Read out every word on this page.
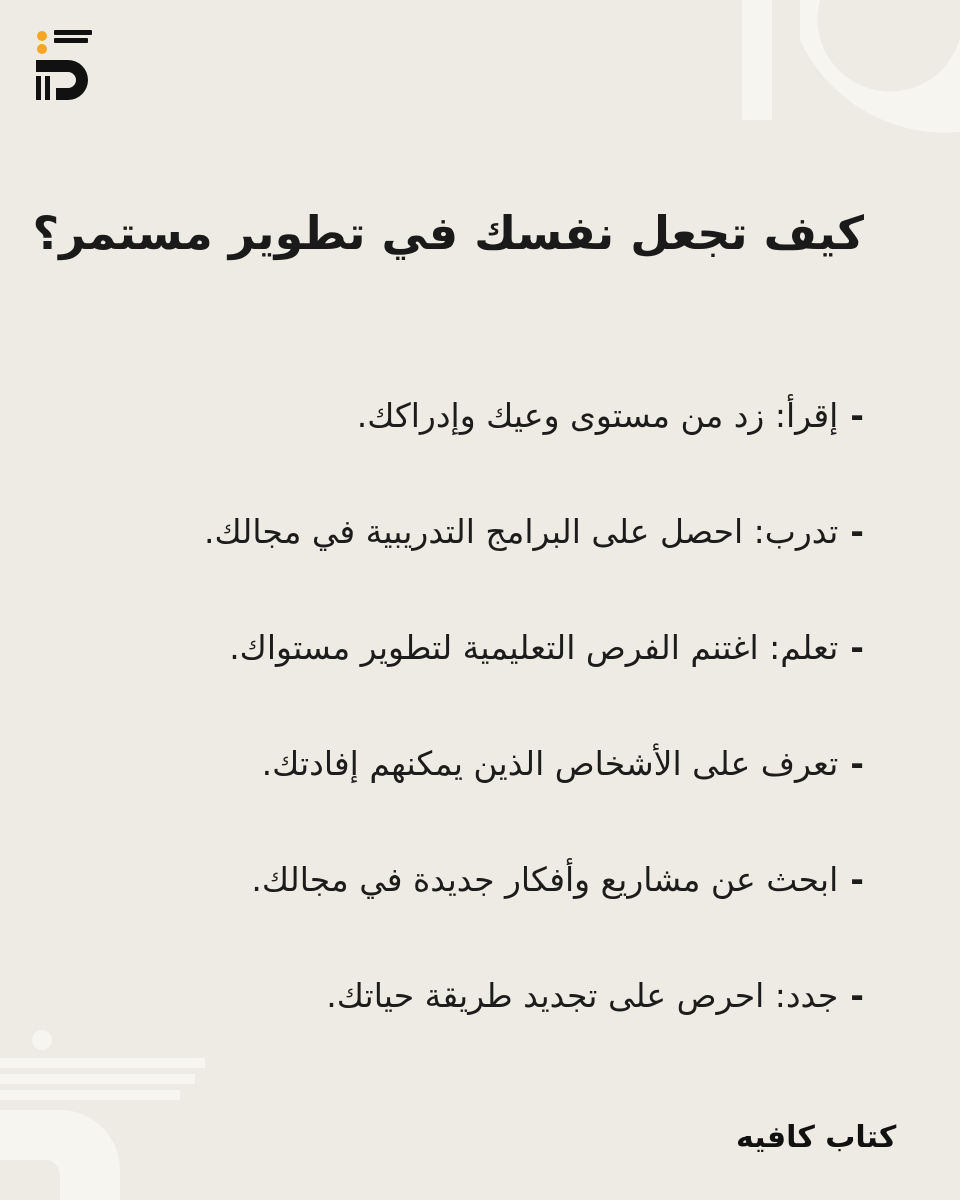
كيف تجعل نفسك في تطوير مستمر؟
-إقرأ: زد من مستوى وعيك وإدراكك.
-تدرب: احصل على البرامج التدريبية في مجالك.
-تعلم: اغتنم الفرص التعليمية لتطوير مستواك.
-تعرف على الأشخاص الذين يمكنهم إفادتك.
-ابحث عن مشاريع وأفكار جديدة في مجالك.
-جدد: احرص على تجديد طريقة حياتك.
كتاب كافيه
